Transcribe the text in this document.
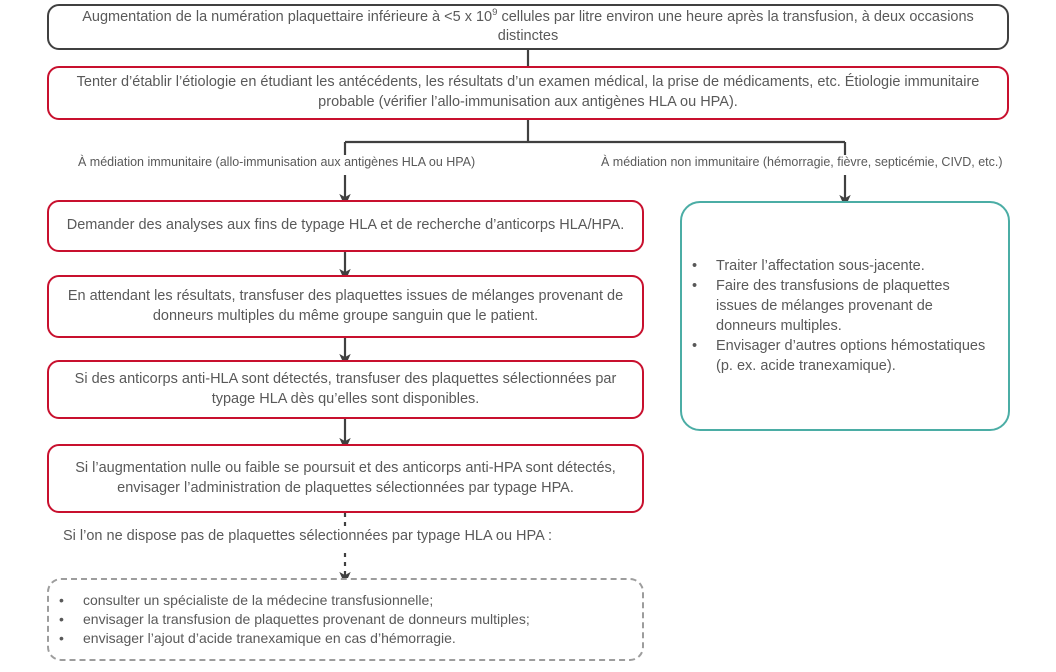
Augmentation de la numération plaquettaire inférieure à <5 x $10^9$ cellules par litre environ une heure après la transfusion, à deux occasions distinctes
Tenter d’établir l’étiologie en étudiant les antécédents, les résultats d’un examen médical, la prise de médicaments, etc. Étiologie immunitaire probable (vérifier l’allo-immunisation aux antigènes HLA ou HPA).
À médiation immunitaire (allo-immunisation aux antigènes HLA ou HPA)	À médiation non immunitaire (hémorragie, fièvre, septicémie, CIVD, etc.)
Demander des analyses aux fins de typage HLA et de recherche d’anticorps HLA/HPA.
En attendant les résultats, transfuser des plaquettes issues de mélanges provenant de donneurs multiples du même groupe sanguin que le patient.
Si des anticorps anti-HLA sont détectés, transfuser des plaquettes sélectionnées par typage HLA dès qu’elles sont disponibles.
Si l’augmentation nulle ou faible se poursuit et des anticorps anti-HPA sont détectés, envisager l’administration de plaquettes sélectionnées par typage HPA.
Si l’on ne dispose pas de plaquettes sélectionnées par typage HLA ou HPA :
•	consulter un spécialiste de la médecine transfusionnelle;
•	envisager la transfusion de plaquettes provenant de donneurs multiples;
•	envisager l’ajout d’acide tranexamique en cas d’hémorragie.
•	Traiter l’affectation sous-jacente.
•	Faire des transfusions de plaquettes issues de mélanges provenant de donneurs multiples.
•	Envisager d’autres options hémostatiques (p. ex. acide tranexamique).
